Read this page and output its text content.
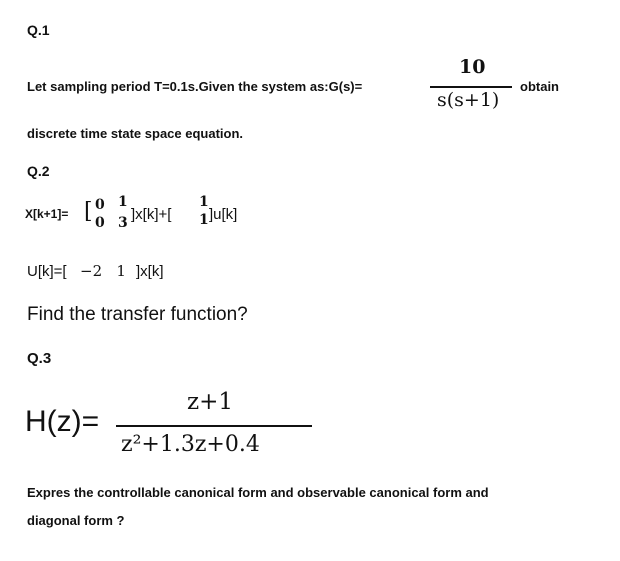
Q.1
Let sampling period T=0.1s.Given the system as:G(s)=
10
s(s+1)
obtain
discrete time state space equation.
Q.2
X[k+1]= [ 0 1
0 3 ]x[k]+[
1
1 ]u[k]
U[k]=[ −2   1 ]x[k]
Find the transfer function?
Q.3
H(z)=
z+1
z²+1.3z+0.4
Expres the controllable canonical form and observable canonical form and
diagonal form ?
